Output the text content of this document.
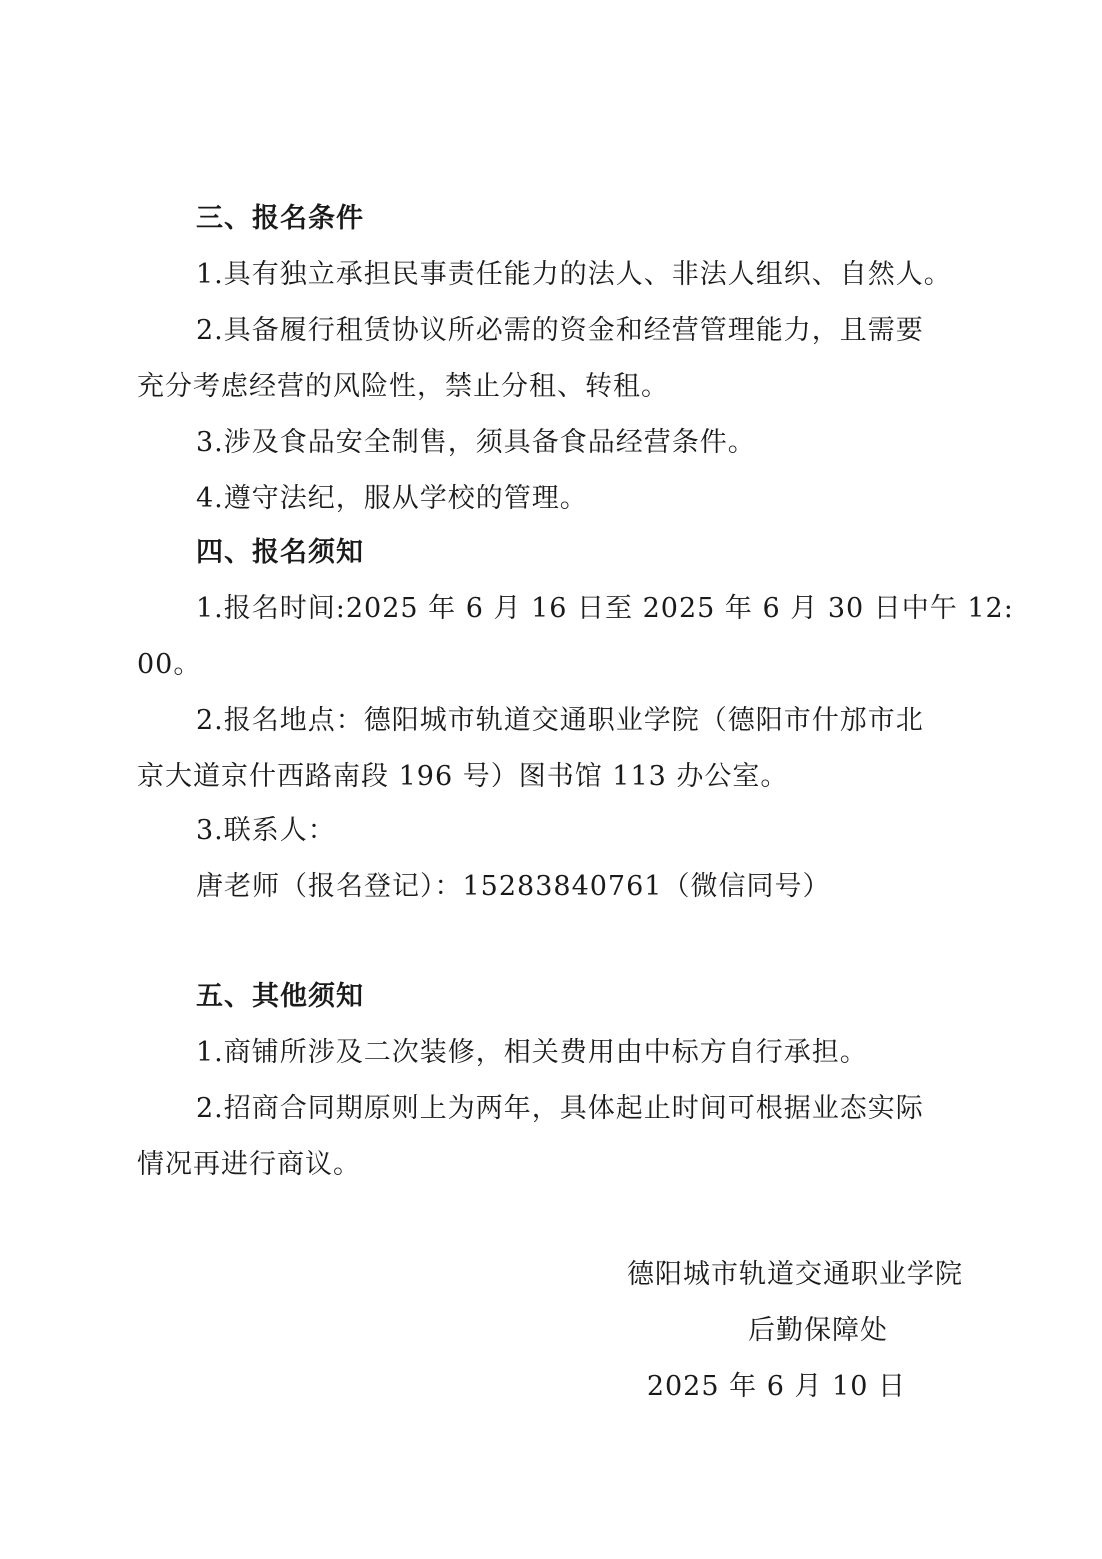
三、报名条件
1.具有独立承担民事责任能力的法人、非法人组织、自然人。
2.具备履行租赁协议所必需的资金和经营管理能力，且需要
充分考虑经营的风险性，禁止分租、转租。
3.涉及食品安全制售，须具备食品经营条件。
4.遵守法纪，服从学校的管理。
四、报名须知
1.报名时间:2025 年 6 月 16 日至 2025 年 6 月 30 日中午 12:
00。
2.报名地点：德阳城市轨道交通职业学院（德阳市什邡市北
京大道京什西路南段 196 号）图书馆 113 办公室。
3.联系人：
唐老师（报名登记）：15283840761（微信同号）
五、其他须知
1.商铺所涉及二次装修，相关费用由中标方自行承担。
2.招商合同期原则上为两年，具体起止时间可根据业态实际
情况再进行商议。
德阳城市轨道交通职业学院
后勤保障处
2025 年 6 月 10 日
